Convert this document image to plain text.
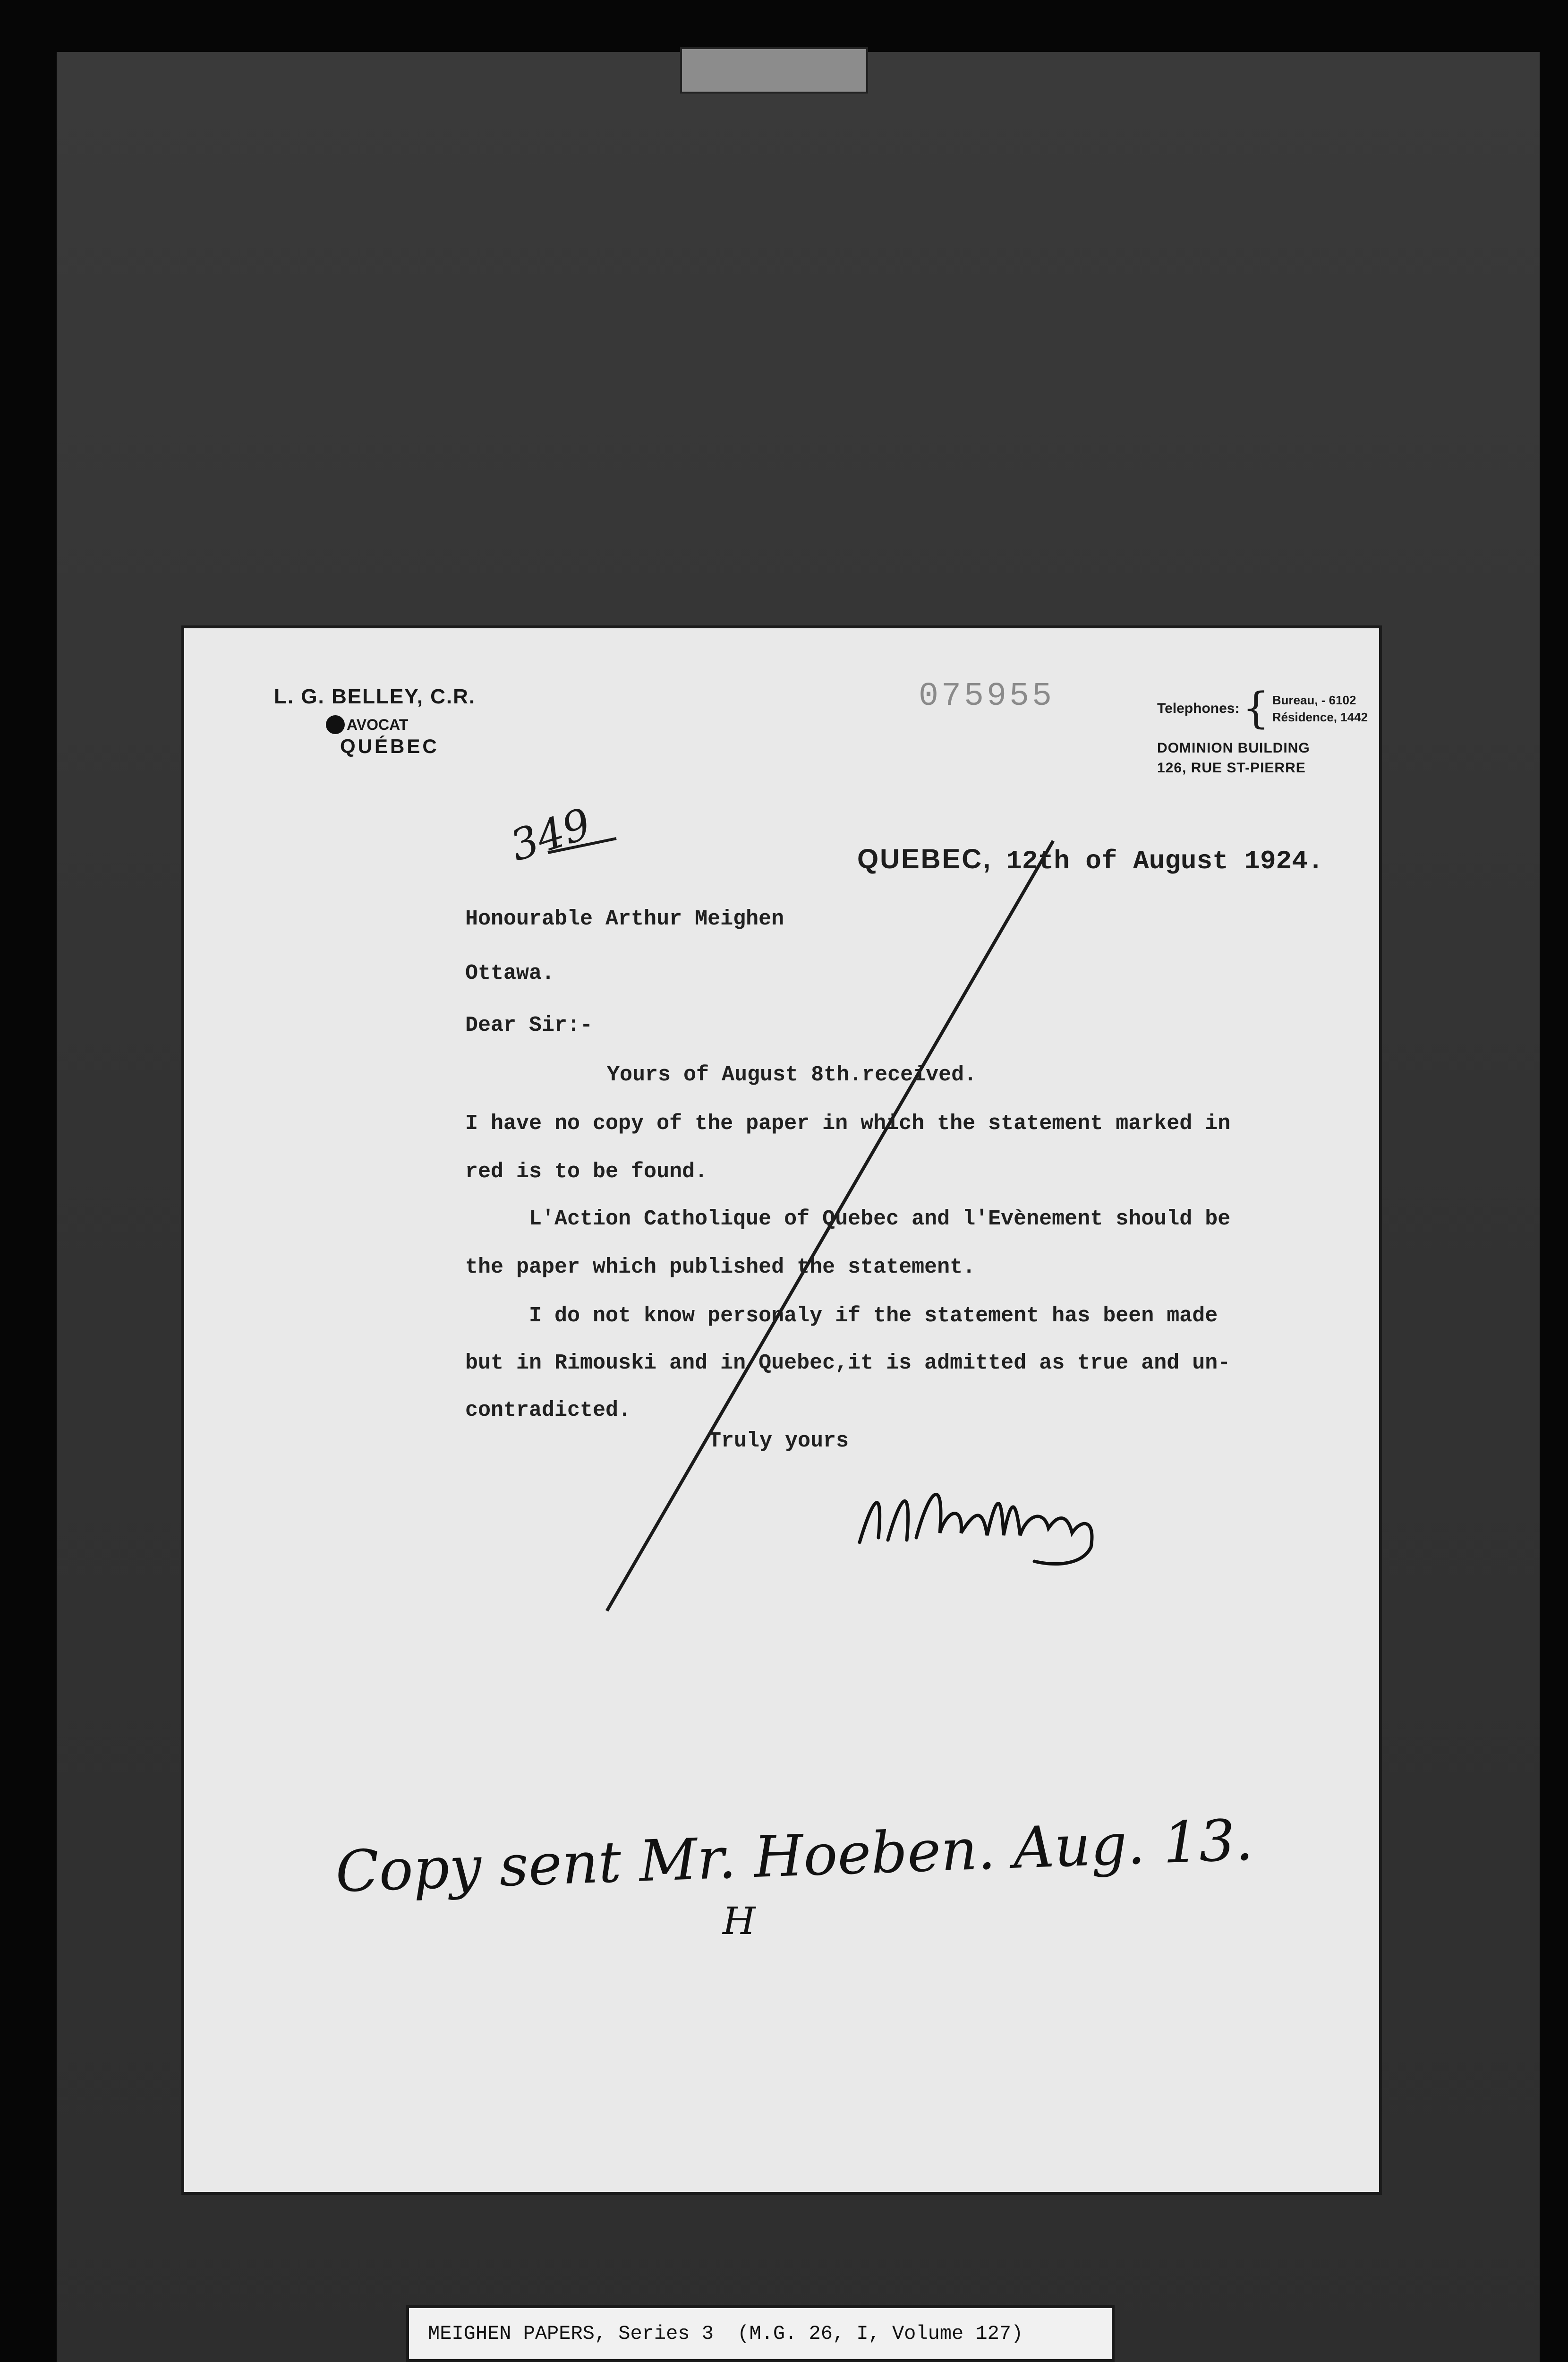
L. G. BELLEY, C.R.
AVOCAT
QUÉBEC
075955	Telephones: { Bureau, - 6102
Résidence, 1442
DOMINION BUILDING
126, RUE ST-PIERRE
349	QUEBEC, 12th of August 1924.
Honourable Arthur Meighen
Ottawa.
Dear Sir:-
Yours of August 8th.received.
I have no copy of the paper in which the statement marked in
red is to be found.
L'Action Catholique of Quebec and l'Evènement should be
the paper which published the statement.
I do not know personaly if the statement has been made
but in Rimouski and in Quebec,it is admitted as true and un-
contradicted.
Truly yours
Copy sent Mr. Hoeben. Aug. 13.
H
MEIGHEN PAPERS, Series 3  (M.G. 26, I, Volume 127)
